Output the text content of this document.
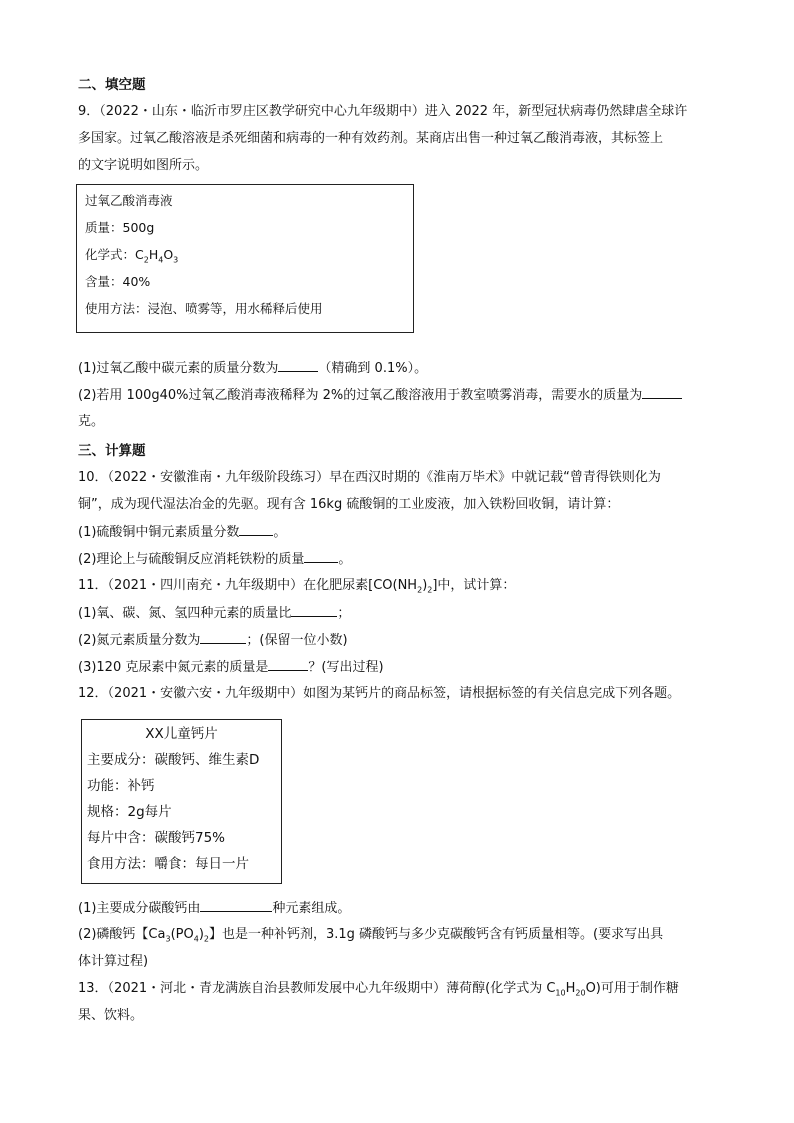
二、填空题
9．（2022・山东・临沂市罗庄区教学研究中心九年级期中）进入 2022 年，新型冠状病毒仍然肆虐全球许
多国家。过氧乙酸溶液是杀死细菌和病毒的一种有效药剂。某商店出售一种过氧乙酸消毒液，其标签上
的文字说明如图所示。
过氧乙酸消毒液
质量：500g
化学式：$C_2H_4O_3$
含量：40%
使用方法：浸泡、喷雾等，用水稀释后使用
(1)过氧乙酸中碳元素的质量分数为	（精确到 0.1%）。
(2)若用 100g40%过氧乙酸消毒液稀释为 2%的过氧乙酸溶液用于教室喷雾消毒，需要水的质量为
克。
三、计算题
10．（2022・安徽淮南・九年级阶段练习）早在西汉时期的《淮南万毕术》中就记载“曾青得铁则化为
铜”，成为现代湿法冶金的先驱。现有含 16kg 硫酸铜的工业废液，加入铁粉回收铜，请计算：
(1)硫酸铜中铜元素质量分数	。
(2)理论上与硫酸铜反应消耗铁粉的质量	。
11．（2021・四川南充・九年级期中）在化肥尿素$[CO(NH_2)_2]$中，试计算：
(1)氧、碳、氮、氢四种元素的质量比	；
(2)氮元素质量分数为	；(保留一位小数)
(3)120 克尿素中氮元素的质量是	？(写出过程)
12．（2021・安徽六安・九年级期中）如图为某钙片的商品标签，请根据标签的有关信息完成下列各题。
XX儿童钙片
主要成分：碳酸钙、维生素D
功能：补钙
规格：2g每片
每片中含：碳酸钙75%
食用方法：嚼食：每日一片
(1)主要成分碳酸钙由	种元素组成。
(2)磷酸钙【$Ca_3(PO_4)_2$】也是一种补钙剂，3.1g 磷酸钙与多少克碳酸钙含有钙质量相等。(要求写出具
体计算过程)
13．（2021・河北・青龙满族自治县教师发展中心九年级期中）薄荷醇(化学式为 $C_{10}H_{20}O$)可用于制作糖
果、饮料。
